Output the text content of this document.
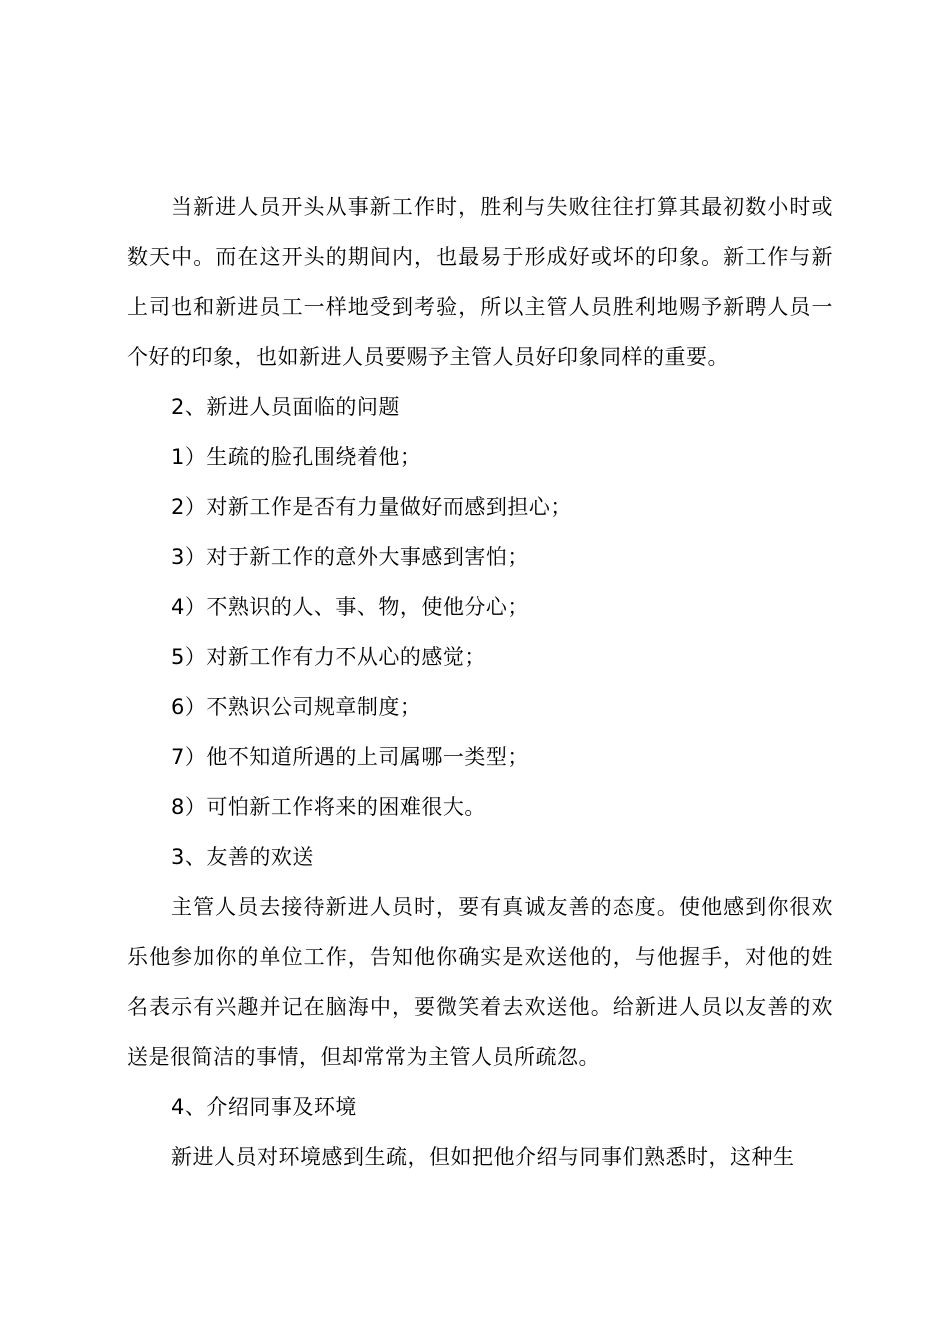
当新进人员开头从事新工作时，胜利与失败往往打算其最初数小时或数天中。而在这开头的期间内，也最易于形成好或坏的印象。新工作与新上司也和新进员工一样地受到考验，所以主管人员胜利地赐予新聘人员一个好的印象，也如新进人员要赐予主管人员好印象同样的重要。

2、新进人员面临的问题

1）生疏的脸孔围绕着他；

2）对新工作是否有力量做好而感到担心；

3）对于新工作的意外大事感到害怕；

4）不熟识的人、事、物，使他分心；

5）对新工作有力不从心的感觉；

6）不熟识公司规章制度；

7）他不知道所遇的上司属哪一类型；

8）可怕新工作将来的困难很大。

3、友善的欢送

主管人员去接待新进人员时，要有真诚友善的态度。使他感到你很欢乐他参加你的单位工作，告知他你确实是欢送他的，与他握手，对他的姓名表示有兴趣并记在脑海中，要微笑着去欢送他。给新进人员以友善的欢送是很简洁的事情，但却常常为主管人员所疏忽。

4、介绍同事及环境

新进人员对环境感到生疏，但如把他介绍与同事们熟悉时，这种生
